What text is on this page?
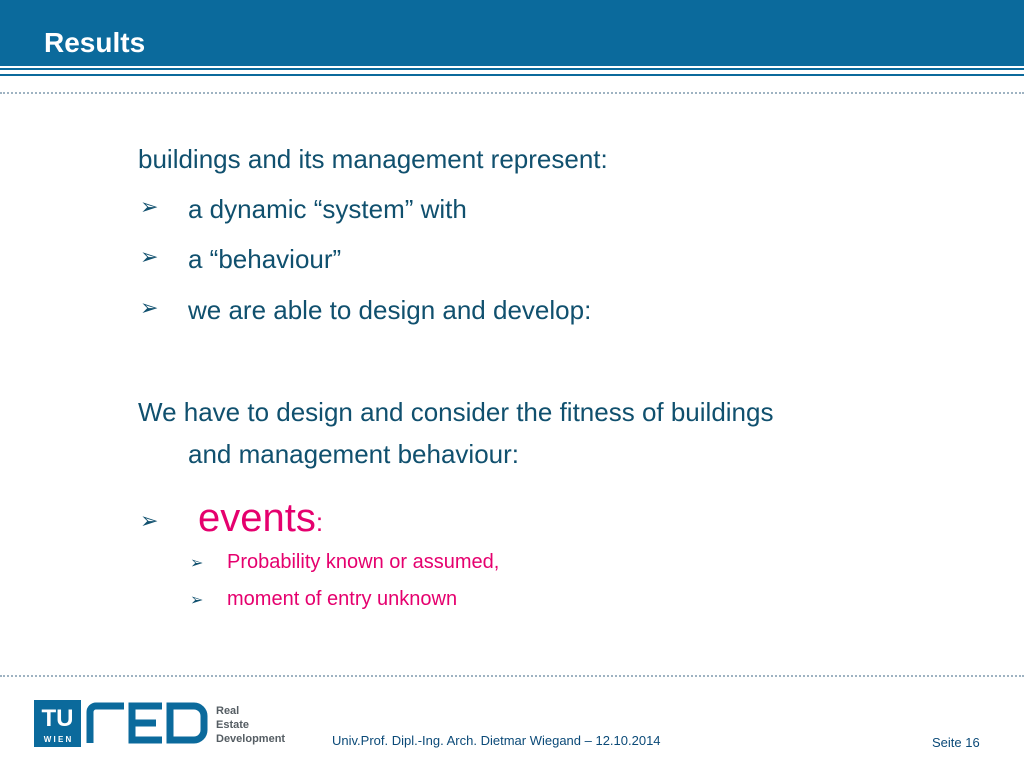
Results
buildings and its management represent:
➢ a dynamic “system” with
➢ a “behaviour”
➢ we are able to design and develop:
We have to design and consider the fitness of buildings
and management behaviour:
➢ events:
➢ Probability known or assumed,
➢ moment of entry unknown
TU
W I E N
Real
Estate
Development	Univ.Prof. Dipl.-Ing. Arch. Dietmar Wiegand – 12.10.2014	Seite 16
